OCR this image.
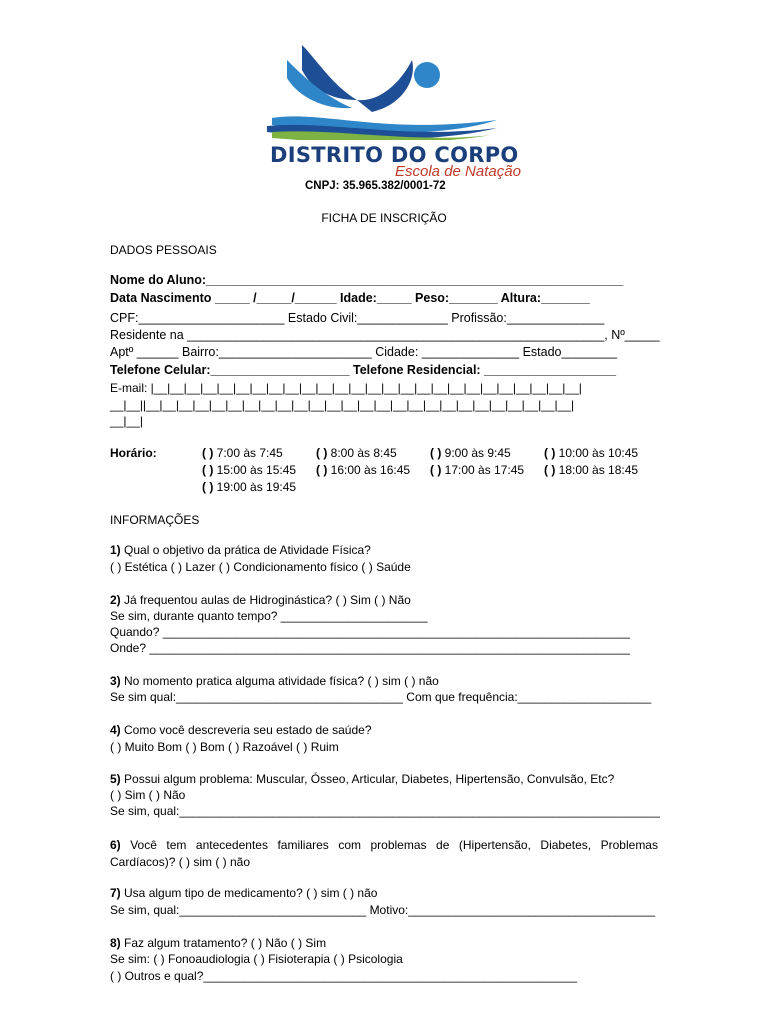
DISTRITO DO CORPO
Escola de Natação
CNPJ: 35.965.382/0001-72
FICHA DE INSCRIÇÃO
DADOS PESSOAIS
Nome do Aluno:____________________________________________________________
Data Nascimento _____ /_____/______ Idade:_____ Peso:_______ Altura:_______
CPF:_____________________ Estado Civil:_____________ Profissão:______________
Residente na ____________________________________________________________, Nº_____
Aptº ______ Bairro:______________________ Cidade: ______________ Estado________
Telefone Celular:____________________ Telefone Residencial: ___________________
E-mail: |__|__|__|__|__|__|__|__|__|__|__|__|__|__|__|__|__|__|__|__|__|__|__|__|__|__|
__|__||__|__|__|__|__|__|__|__|__|__|__|__|__|__|__|__|__|__|__|__|__|__|__|__|__|__|
__|__|
Horário:	( ) 7:00 às 7:45	( ) 8:00 às 8:45	( ) 9:00 às 9:45	( ) 10:00 às 10:45
( ) 15:00 às 15:45 ( ) 16:00 às 16:45 ( ) 17:00 às 17:45 ( ) 18:00 às 18:45
( ) 19:00 às 19:45
INFORMAÇÕES
1) Qual o objetivo da prática de Atividade Física?
( ) Estética ( ) Lazer ( ) Condicionamento físico ( ) Saúde
2) Já frequentou aulas de Hidroginástica? ( ) Sim ( ) Não
Se sim, durante quanto tempo? ______________________
Quando? ______________________________________________________________________
Onde? ________________________________________________________________________
3) No momento pratica alguma atividade física? ( ) sim ( ) não
Se sim qual:__________________________________ Com que frequência:____________________
4) Como você descreveria seu estado de saúde?
( ) Muito Bom ( ) Bom ( ) Razoável ( ) Ruim
5) Possui algum problema: Muscular, Ósseo, Articular, Diabetes, Hipertensão, Convulsão, Etc?
( ) Sim ( ) Não
Se sim, qual:________________________________________________________________________
6) Você tem antecedentes familiares com problemas de (Hipertensão, Diabetes, Problemas Cardíacos)? ( ) sim ( ) não
7) Usa algum tipo de medicamento? ( ) sim ( ) não
Se sim, qual:____________________________ Motivo:_____________________________________
8) Faz algum tratamento? ( ) Não ( ) Sim
Se sim: ( ) Fonoaudiologia ( ) Fisioterapia ( ) Psicologia
( ) Outros e qual?________________________________________________________
